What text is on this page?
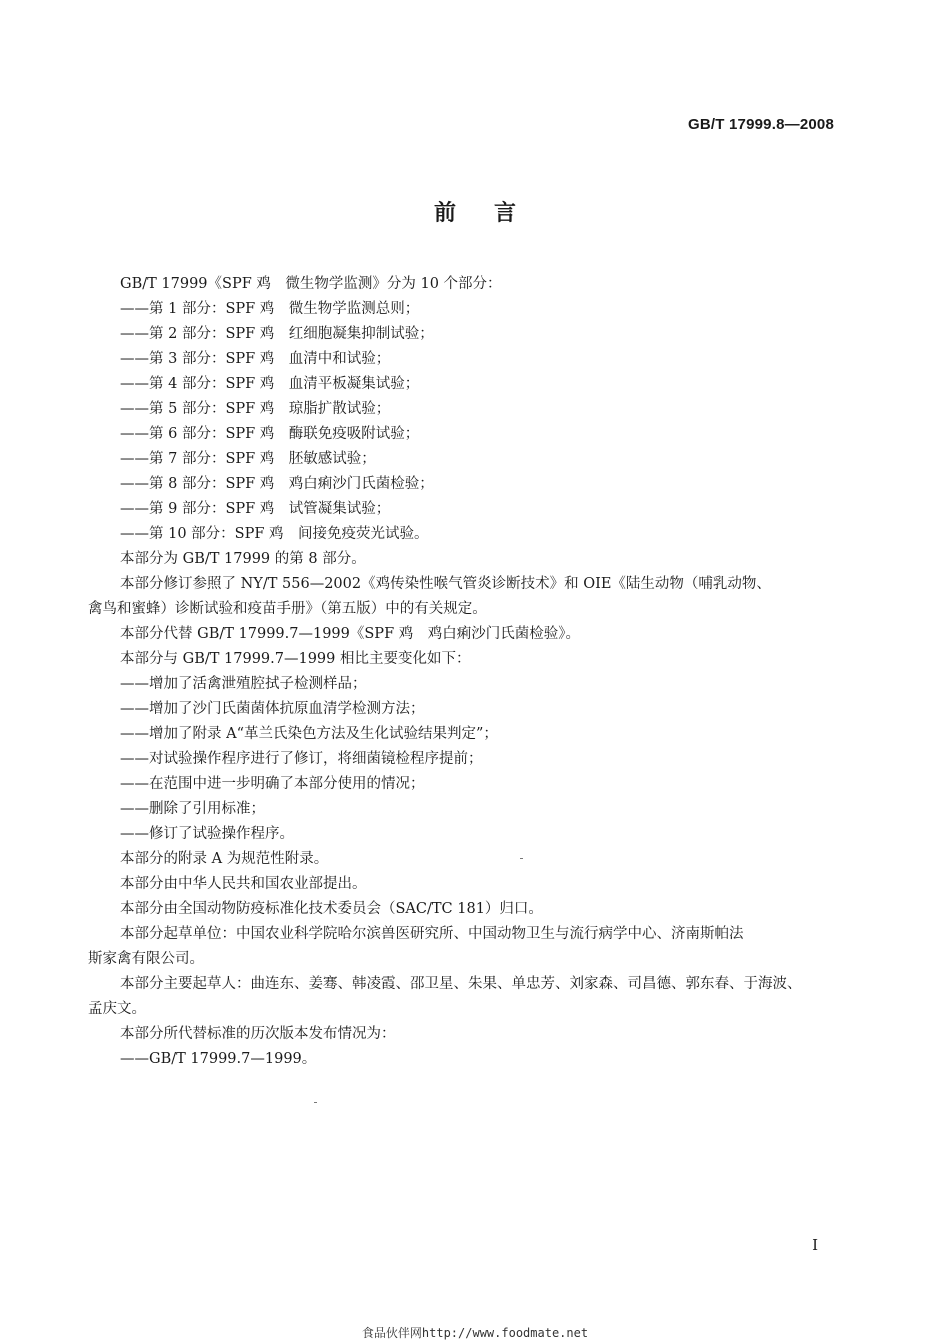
GB/T 17999.8—2008
前言
GB/T 17999《SPF 鸡　微生物学监测》分为 10 个部分：
——第 1 部分：SPF 鸡　微生物学监测总则；
——第 2 部分：SPF 鸡　红细胞凝集抑制试验；
——第 3 部分：SPF 鸡　血清中和试验；
——第 4 部分：SPF 鸡　血清平板凝集试验；
——第 5 部分：SPF 鸡　琼脂扩散试验；
——第 6 部分：SPF 鸡　酶联免疫吸附试验；
——第 7 部分：SPF 鸡　胚敏感试验；
——第 8 部分：SPF 鸡　鸡白痢沙门氏菌检验；
——第 9 部分：SPF 鸡　试管凝集试验；
——第 10 部分：SPF 鸡　间接免疫荧光试验。
本部分为 GB/T 17999 的第 8 部分。
本部分修订参照了 NY/T 556—2002《鸡传染性喉气管炎诊断技术》和 OIE《陆生动物（哺乳动物、
禽鸟和蜜蜂）诊断试验和疫苗手册》（第五版）中的有关规定。
本部分代替 GB/T 17999.7—1999《SPF 鸡　鸡白痢沙门氏菌检验》。
本部分与 GB/T 17999.7—1999 相比主要变化如下：
——增加了活禽泄殖腔拭子检测样品；
——增加了沙门氏菌菌体抗原血清学检测方法；
——增加了附录 A“革兰氏染色方法及生化试验结果判定”；
——对试验操作程序进行了修订，将细菌镜检程序提前；
——在范围中进一步明确了本部分使用的情况；
——删除了引用标准；
——修订了试验操作程序。
本部分的附录 A 为规范性附录。
本部分由中华人民共和国农业部提出。
本部分由全国动物防疫标准化技术委员会（SAC/TC 181）归口。
本部分起草单位：中国农业科学院哈尔滨兽医研究所、中国动物卫生与流行病学中心、济南斯帕法
斯家禽有限公司。
本部分主要起草人：曲连东、姜骞、韩凌霞、邵卫星、朱果、单忠芳、刘家森、司昌德、郭东春、于海波、
孟庆文。
本部分所代替标准的历次版本发布情况为：
——GB/T 17999.7—1999。
I
食品伙伴网http://www.foodmate.net
